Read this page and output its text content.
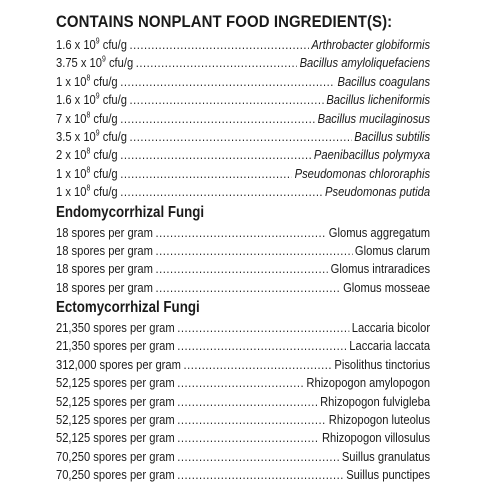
CONTAINS NONPLANT FOOD INGREDIENT(S):
1.6 x $10^9$ cfu/g .....	Arthrobacter globiformis
3.75 x $10^9$ cfu/g .....	Bacillus amyloliquefaciens
1 x $10^8$ cfu/g .....	Bacillus coagulans
1.6 x $10^9$ cfu/g .....	Bacillus licheniformis
7 x $10^8$ cfu/g .....	Bacillus mucilaginosus
3.5 x $10^9$ cfu/g .....	Bacillus subtilis
2 x $10^8$ cfu/g .....	Paenibacillus polymyxa
1 x $10^8$ cfu/g .....	Pseudomonas chlororaphis
1 x $10^8$ cfu/g .....	Pseudomonas putida
Endomycorrhizal Fungi
18 spores per gram .....	Glomus aggregatum
18 spores per gram .....	Glomus clarum
18 spores per gram .....	Glomus intraradices
18 spores per gram .....	Glomus mosseae
Ectomycorrhizal Fungi
21,350 spores per gram .....	Laccaria bicolor
21,350 spores per gram .....	Laccaria laccata
312,000 spores per gram .....	Pisolithus tinctorius
52,125 spores per gram .....	Rhizopogon amylopogon
52,125 spores per gram .....	Rhizopogon fulvigleba
52,125 spores per gram .....	Rhizopogon luteolus
52,125 spores per gram .....	Rhizopogon villosulus
70,250 spores per gram .....	Suillus granulatus
70,250 spores per gram .....	Suillus punctipes
